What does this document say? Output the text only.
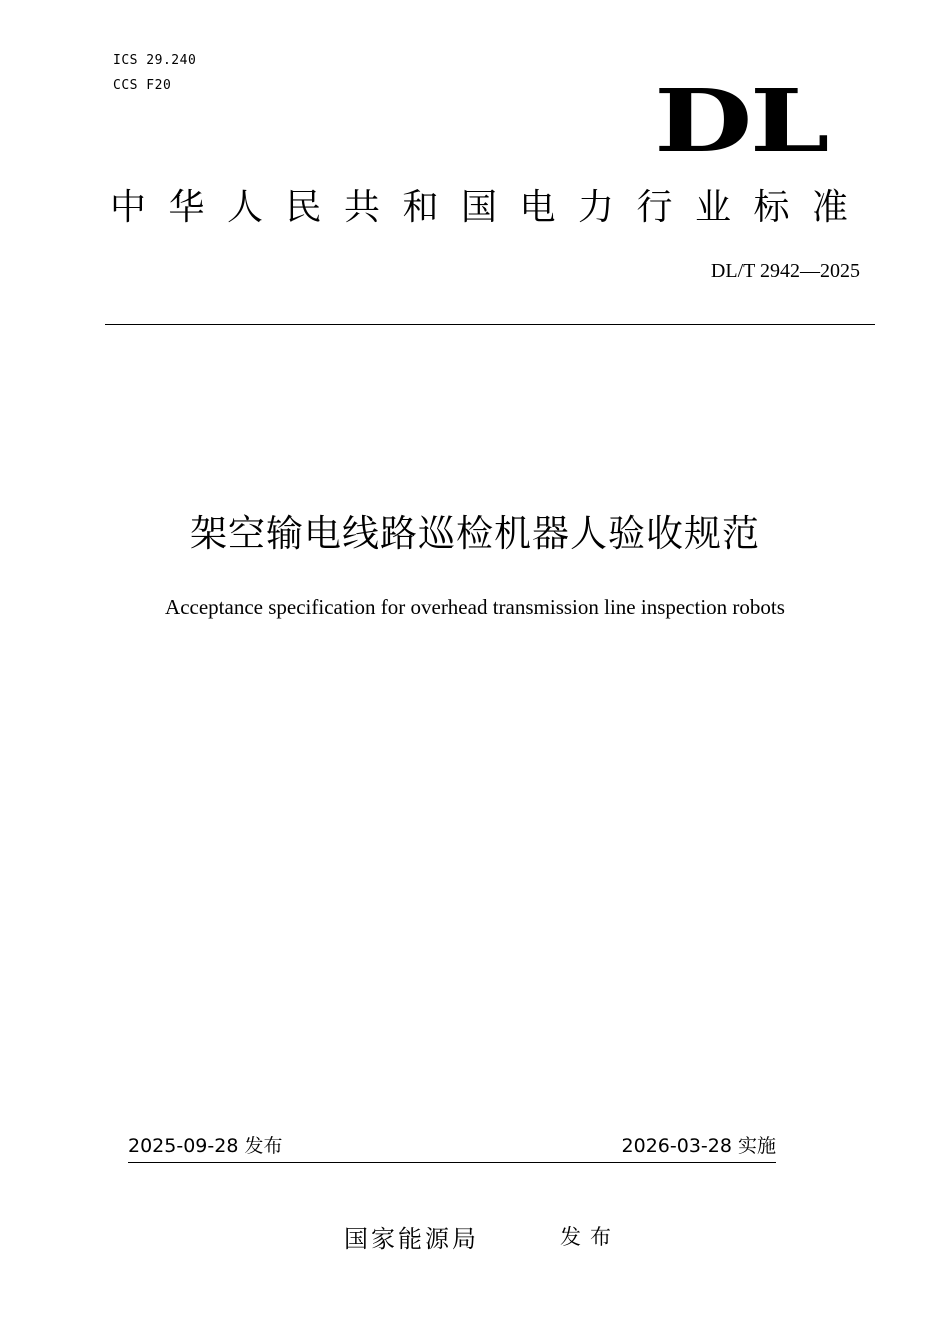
ICS 29.240
CCS F20	DL
中华人民共和国电力行业标准
DL/T 2942—2025
架空输电线路巡检机器人验收规范
Acceptance specification for overhead transmission line inspection robots
2025-09-28 发布	2026-03-28 实施
国家能源局	发布
